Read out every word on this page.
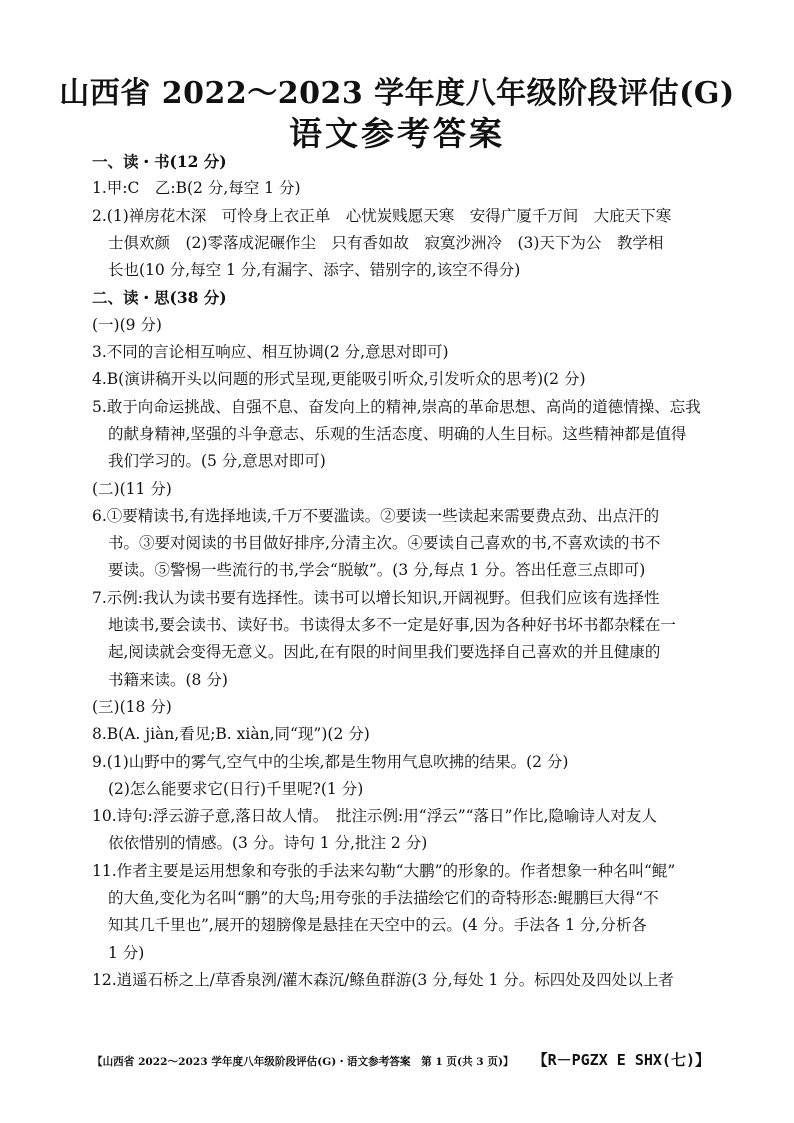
山西省 2022～2023 学年度八年级阶段评估(G)
语文参考答案

一、读・书(12 分)

1.甲:C　乙:B(2 分,每空 1 分)

2.(1)禅房花木深　可怜身上衣正单　心忧炭贱愿天寒　安得广厦千万间　大庇天下寒

士俱欢颜　(2)零落成泥碾作尘　只有香如故　寂寞沙洲冷　(3)天下为公　教学相

长也(10 分,每空 1 分,有漏字、添字、错别字的,该空不得分)

二、读・思(38 分)

(一)(9 分)

3.不同的言论相互响应、相互协调(2 分,意思对即可)

4.B(演讲稿开头以问题的形式呈现,更能吸引听众,引发听众的思考)(2 分)

5.敢于向命运挑战、自强不息、奋发向上的精神,崇高的革命思想、高尚的道德情操、忘我

的献身精神,坚强的斗争意志、乐观的生活态度、明确的人生目标。这些精神都是值得

我们学习的。(5 分,意思对即可)

(二)(11 分)

6.①要精读书,有选择地读,千万不要滥读。②要读一些读起来需要费点劲、出点汗的

书。③要对阅读的书目做好排序,分清主次。④要读自己喜欢的书,不喜欢读的书不

要读。⑤警惕一些流行的书,学会“脱敏”。(3 分,每点 1 分。答出任意三点即可)

7.示例:我认为读书要有选择性。读书可以增长知识,开阔视野。但我们应该有选择性

地读书,要会读书、读好书。书读得太多不一定是好事,因为各种好书坏书都杂糅在一

起,阅读就会变得无意义。因此,在有限的时间里我们要选择自己喜欢的并且健康的

书籍来读。(8 分)

(三)(18 分)

8.B(A. jiàn,看见;B. xiàn,同“现”)(2 分)

9.(1)山野中的雾气,空气中的尘埃,都是生物用气息吹拂的结果。(2 分)

(2)怎么能要求它(日行)千里呢?(1 分)

10.诗句:浮云游子意,落日故人情。　批注示例:用“浮云”“落日”作比,隐喻诗人对友人

依依惜别的情感。(3 分。诗句 1 分,批注 2 分)

11.作者主要是运用想象和夸张的手法来勾勒“大鹏”的形象的。作者想象一种名叫“鲲”

的大鱼,变化为名叫“鹏”的大鸟;用夸张的手法描绘它们的奇特形态:鲲鹏巨大得“不

知其几千里也”,展开的翅膀像是悬挂在天空中的云。(4 分。手法各 1 分,分析各

1 分)

12.逍遥石桥之上/草香泉洌/灌木森沉/鲦鱼群游(3 分,每处 1 分。标四处及四处以上者

【山西省 2022～2023 学年度八年级阶段评估(G)・语文参考答案　第 1 页(共 3 页)】 【R－PGZX E SHX(七)】
